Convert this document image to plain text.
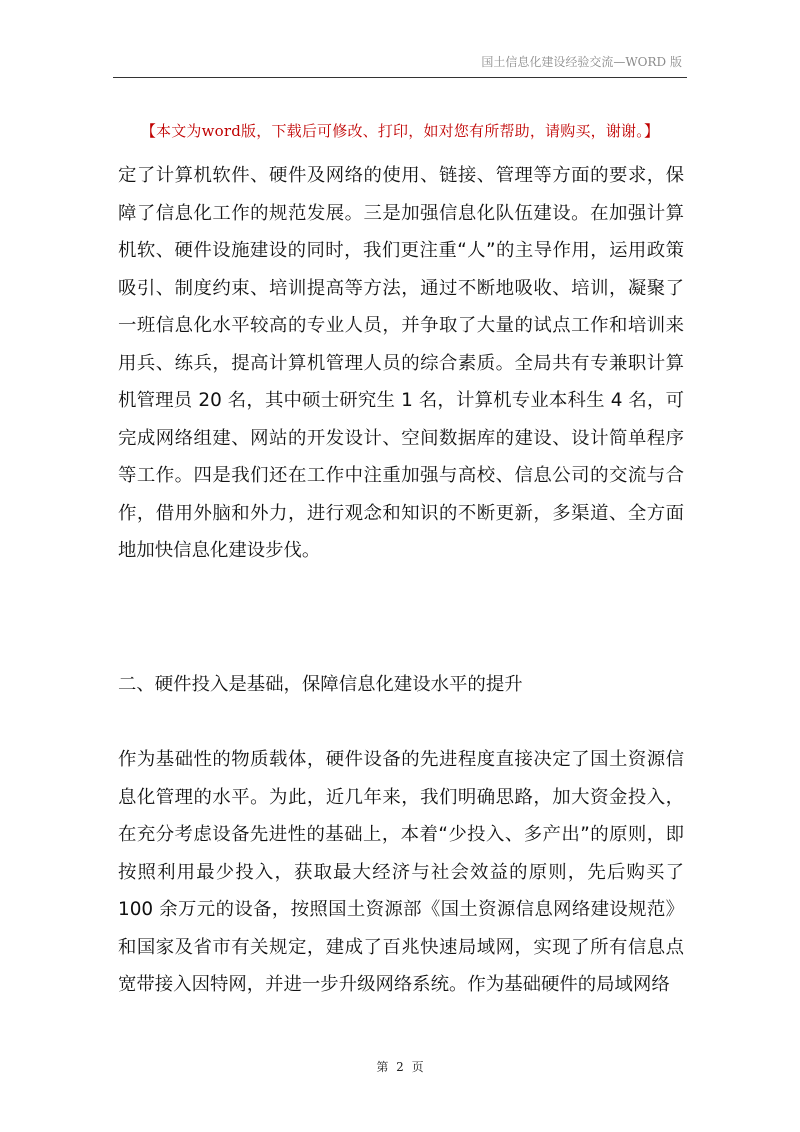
国土信息化建设经验交流—WORD 版
【本文为word版，下载后可修改、打印，如对您有所帮助，请购买，谢谢。】

定了计算机软件、硬件及网络的使用、链接、管理等方面的要求，保障了信息化工作的规范发展。三是加强信息化队伍建设。在加强计算机软、硬件设施建设的同时，我们更注重“人”的主导作用，运用政策吸引、制度约束、培训提高等方法，通过不断地吸收、培训，凝聚了一班信息化水平较高的专业人员，并争取了大量的试点工作和培训来用兵、练兵，提高计算机管理人员的综合素质。全局共有专兼职计算机管理员 20 名，其中硕士研究生 1 名，计算机专业本科生 4 名，可完成网络组建、网站的开发设计、空间数据库的建设、设计简单程序等工作。四是我们还在工作中注重加强与高校、信息公司的交流与合作，借用外脑和外力，进行观念和知识的不断更新，多渠道、全方面地加快信息化建设步伐。

二、硬件投入是基础，保障信息化建设水平的提升

作为基础性的物质载体，硬件设备的先进程度直接决定了国土资源信息化管理的水平。为此，近几年来，我们明确思路，加大资金投入，在充分考虑设备先进性的基础上，本着“少投入、多产出”的原则，即按照利用最少投入，获取最大经济与社会效益的原则，先后购买了 100 余万元的设备，按照国土资源部《国土资源信息网络建设规范》和国家及省市有关规定，建成了百兆快速局域网，实现了所有信息点宽带接入因特网，并进一步升级网络系统。作为基础硬件的局域网络

第 2 页
